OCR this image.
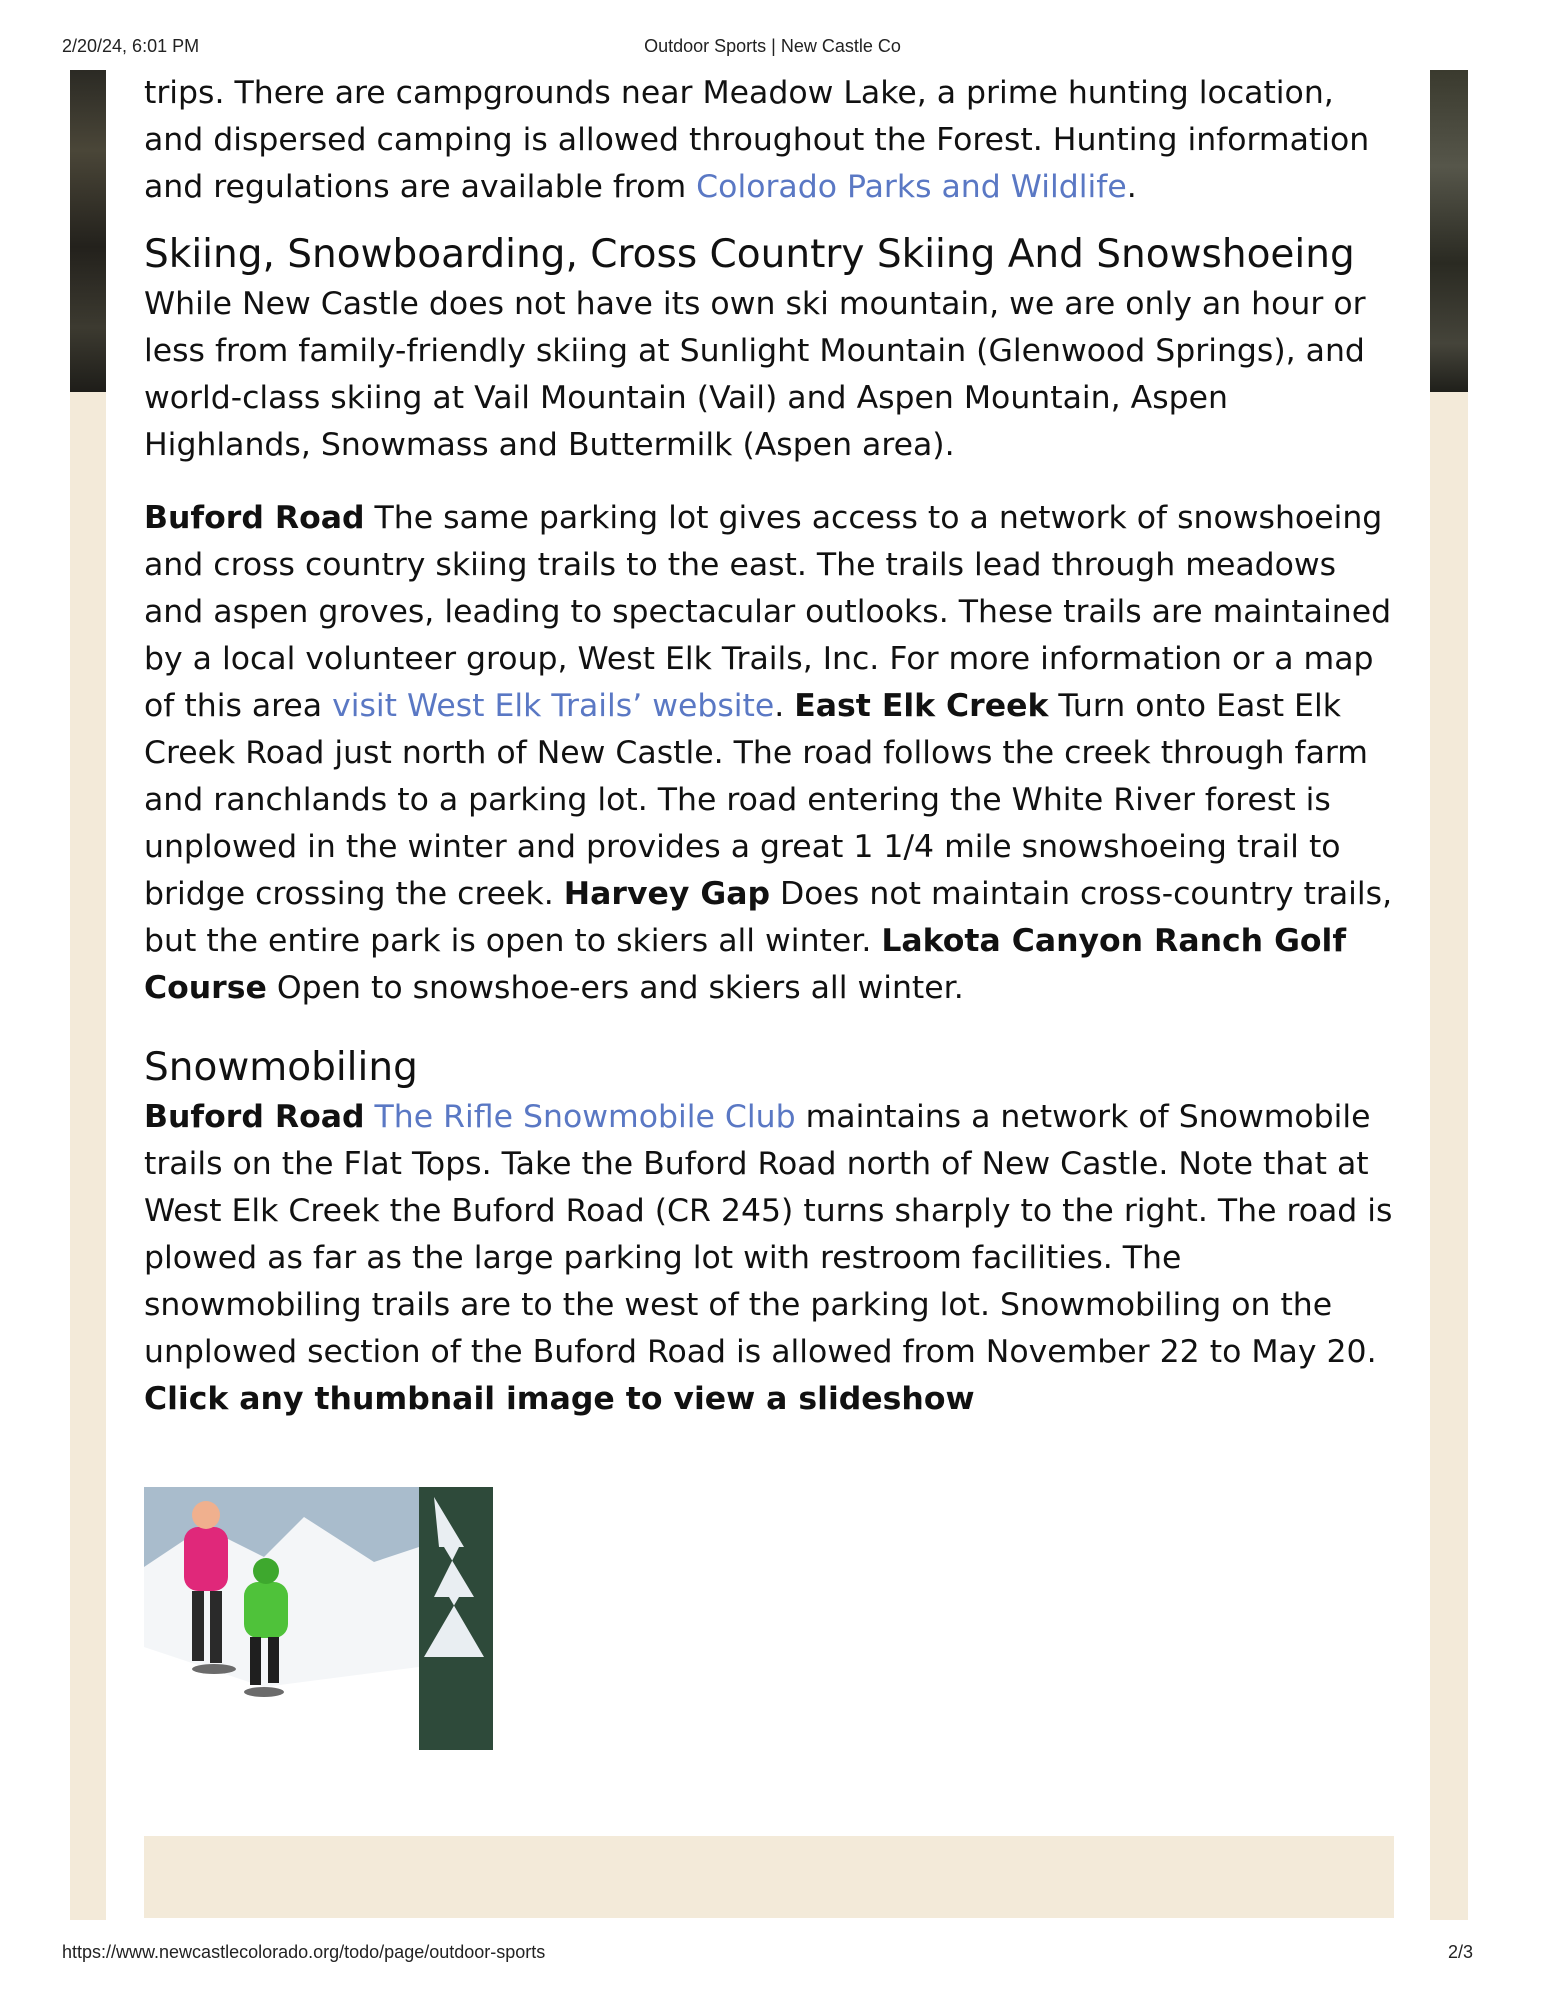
2/20/24, 6:01 PM	Outdoor Sports | New Castle Co

trips. There are campgrounds near Meadow Lake, a prime hunting location, and dispersed camping is allowed throughout the Forest. Hunting information and regulations are available from Colorado Parks and Wildlife.

Skiing, Snowboarding, Cross Country Skiing And Snowshoeing

While New Castle does not have its own ski mountain, we are only an hour or less from family-friendly skiing at Sunlight Mountain (Glenwood Springs), and world-class skiing at Vail Mountain (Vail) and Aspen Mountain, Aspen Highlands, Snowmass and Buttermilk (Aspen area).

Buford Road The same parking lot gives access to a network of snowshoeing and cross country skiing trails to the east. The trails lead through meadows and aspen groves, leading to spectacular outlooks. These trails are maintained by a local volunteer group, West Elk Trails, Inc. For more information or a map of this area visit West Elk Trails’ website. East Elk Creek Turn onto East Elk Creek Road just north of New Castle. The road follows the creek through farm and ranchlands to a parking lot. The road entering the White River forest is unplowed in the winter and provides a great 1 1/4 mile snowshoeing trail to bridge crossing the creek. Harvey Gap Does not maintain cross-country trails, but the entire park is open to skiers all winter. Lakota Canyon Ranch Golf Course Open to snowshoe-ers and skiers all winter.

Snowmobiling

Buford Road The Rifle Snowmobile Club maintains a network of Snowmobile trails on the Flat Tops. Take the Buford Road north of New Castle. Note that at West Elk Creek the Buford Road (CR 245) turns sharply to the right. The road is plowed as far as the large parking lot with restroom facilities. The snowmobiling trails are to the west of the parking lot. Snowmobiling on the unplowed section of the Buford Road is allowed from November 22 to May 20.

Click any thumbnail image to view a slideshow

https://www.newcastlecolorado.org/todo/page/outdoor-sports	2/3
